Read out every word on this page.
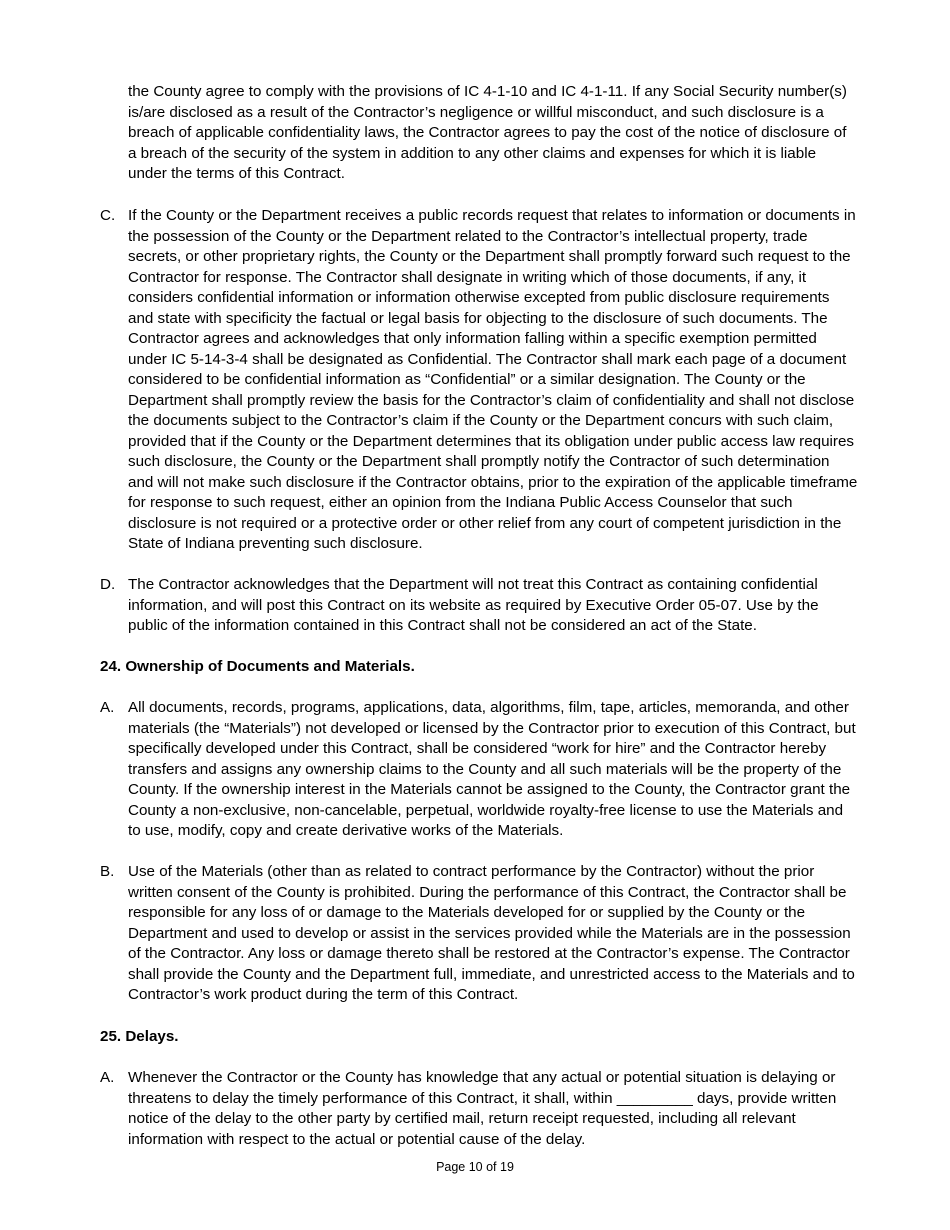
the County agree to comply with the provisions of IC 4-1-10 and IC 4-1-11. If any Social Security number(s) is/are disclosed as a result of the Contractor’s negligence or willful misconduct, and such disclosure is a breach of applicable confidentiality laws, the Contractor agrees to pay the cost of the notice of disclosure of a breach of the security of the system in addition to any other claims and expenses for which it is liable under the terms of this Contract.

C. If the County or the Department receives a public records request that relates to information or documents in the possession of the County or the Department related to the Contractor’s intellectual property, trade secrets, or other proprietary rights, the County or the Department shall promptly forward such request to the Contractor for response. The Contractor shall designate in writing which of those documents, if any, it considers confidential information or information otherwise excepted from public disclosure requirements and state with specificity the factual or legal basis for objecting to the disclosure of such documents. The Contractor agrees and acknowledges that only information falling within a specific exemption permitted under IC 5-14-3-4 shall be designated as Confidential. The Contractor shall mark each page of a document considered to be confidential information as “Confidential” or a similar designation. The County or the Department shall promptly review the basis for the Contractor’s claim of confidentiality and shall not disclose the documents subject to the Contractor’s claim if the County or the Department concurs with such claim, provided that if the County or the Department determines that its obligation under public access law requires such disclosure, the County or the Department shall promptly notify the Contractor of such determination and will not make such disclosure if the Contractor obtains, prior to the expiration of the applicable timeframe for response to such request, either an opinion from the Indiana Public Access Counselor that such disclosure is not required or a protective order or other relief from any court of competent jurisdiction in the State of Indiana preventing such disclosure.
D. The Contractor acknowledges that the Department will not treat this Contract as containing confidential information, and will post this Contract on its website as required by Executive Order 05-07. Use by the public of the information contained in this Contract shall not be considered an act of the State.
24. Ownership of Documents and Materials.
A. All documents, records, programs, applications, data, algorithms, film, tape, articles, memoranda, and other materials (the “Materials”) not developed or licensed by the Contractor prior to execution of this Contract, but specifically developed under this Contract, shall be considered “work for hire” and the Contractor hereby transfers and assigns any ownership claims to the County and all such materials will be the property of the County. If the ownership interest in the Materials cannot be assigned to the County, the Contractor grant the County a non-exclusive, non-cancelable, perpetual, worldwide royalty-free license to use the Materials and to use, modify, copy and create derivative works of the Materials.
B. Use of the Materials (other than as related to contract performance by the Contractor) without the prior written consent of the County is prohibited. During the performance of this Contract, the Contractor shall be responsible for any loss of or damage to the Materials developed for or supplied by the County or the Department and used to develop or assist in the services provided while the Materials are in the possession of the Contractor. Any loss or damage thereto shall be restored at the Contractor’s expense. The Contractor shall provide the County and the Department full, immediate, and unrestricted access to the Materials and to Contractor’s work product during the term of this Contract.
25. Delays.
A. Whenever the Contractor or the County has knowledge that any actual or potential situation is delaying or threatens to delay the timely performance of this Contract, it shall, within _________ days, provide written notice of the delay to the other party by certified mail, return receipt requested, including all relevant information with respect to the actual or potential cause of the delay.
Page 10 of 19
